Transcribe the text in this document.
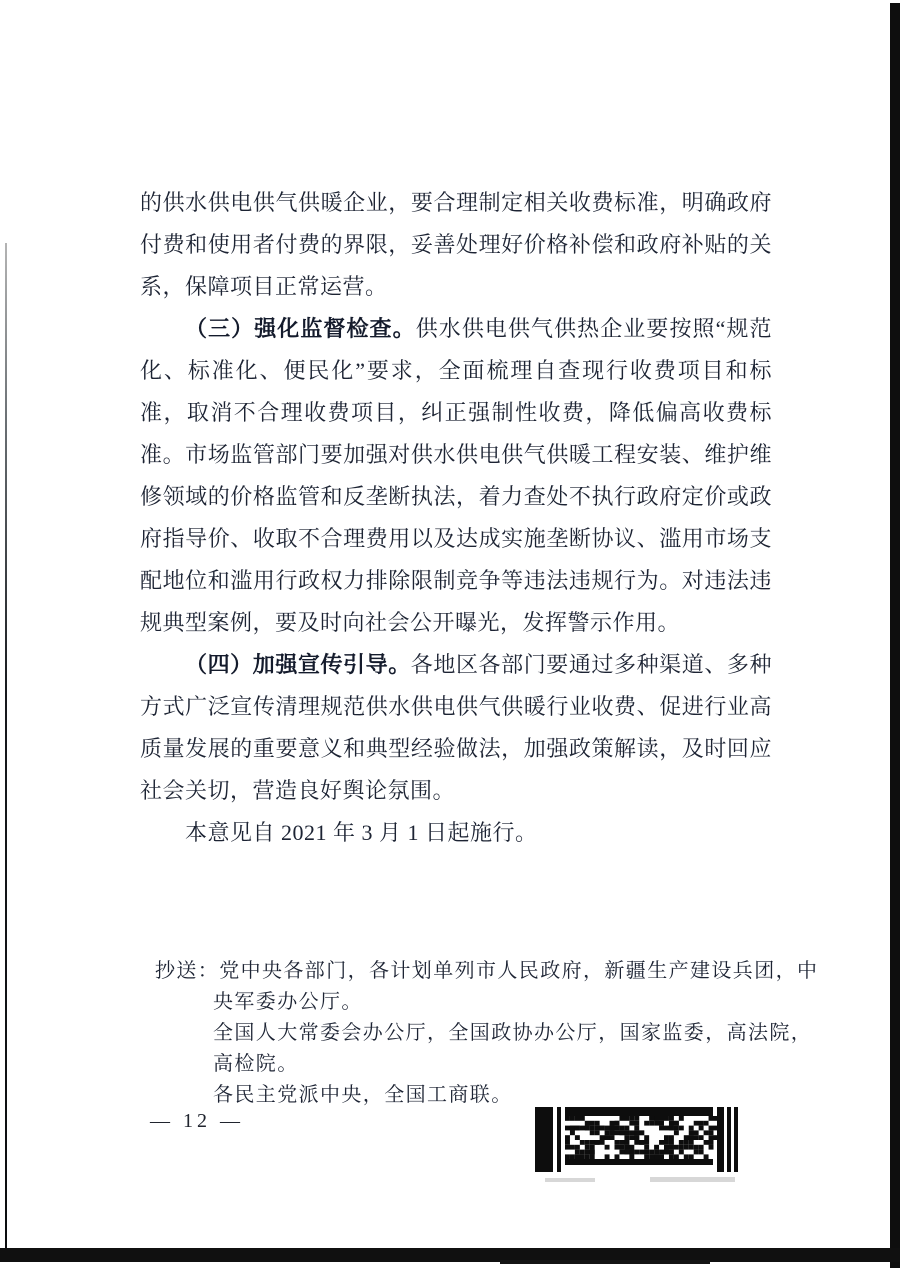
的供水供电供气供暖企业，要合理制定相关收费标准，明确政府付费和使用者付费的界限，妥善处理好价格补偿和政府补贴的关系，保障项目正常运营。

（三）强化监督检查。供水供电供气供热企业要按照“规范化、标准化、便民化”要求，全面梳理自查现行收费项目和标准，取消不合理收费项目，纠正强制性收费，降低偏高收费标准。市场监管部门要加强对供水供电供气供暖工程安装、维护维修领域的价格监管和反垄断执法，着力查处不执行政府定价或政府指导价、收取不合理费用以及达成实施垄断协议、滥用市场支配地位和滥用行政权力排除限制竞争等违法违规行为。对违法违规典型案例，要及时向社会公开曝光，发挥警示作用。

（四）加强宣传引导。各地区各部门要通过多种渠道、多种方式广泛宣传清理规范供水供电供气供暖行业收费、促进行业高质量发展的重要意义和典型经验做法，加强政策解读，及时回应社会关切，营造良好舆论氛围。

本意见自 2021 年 3 月 1 日起施行。

抄送：党中央各部门，各计划单列市人民政府，新疆生产建设兵团，中央军委办公厅。

全国人大常委会办公厅，全国政协办公厅，国家监委，高法院，高检院。

各民主党派中央，全国工商联。

— 12 —
